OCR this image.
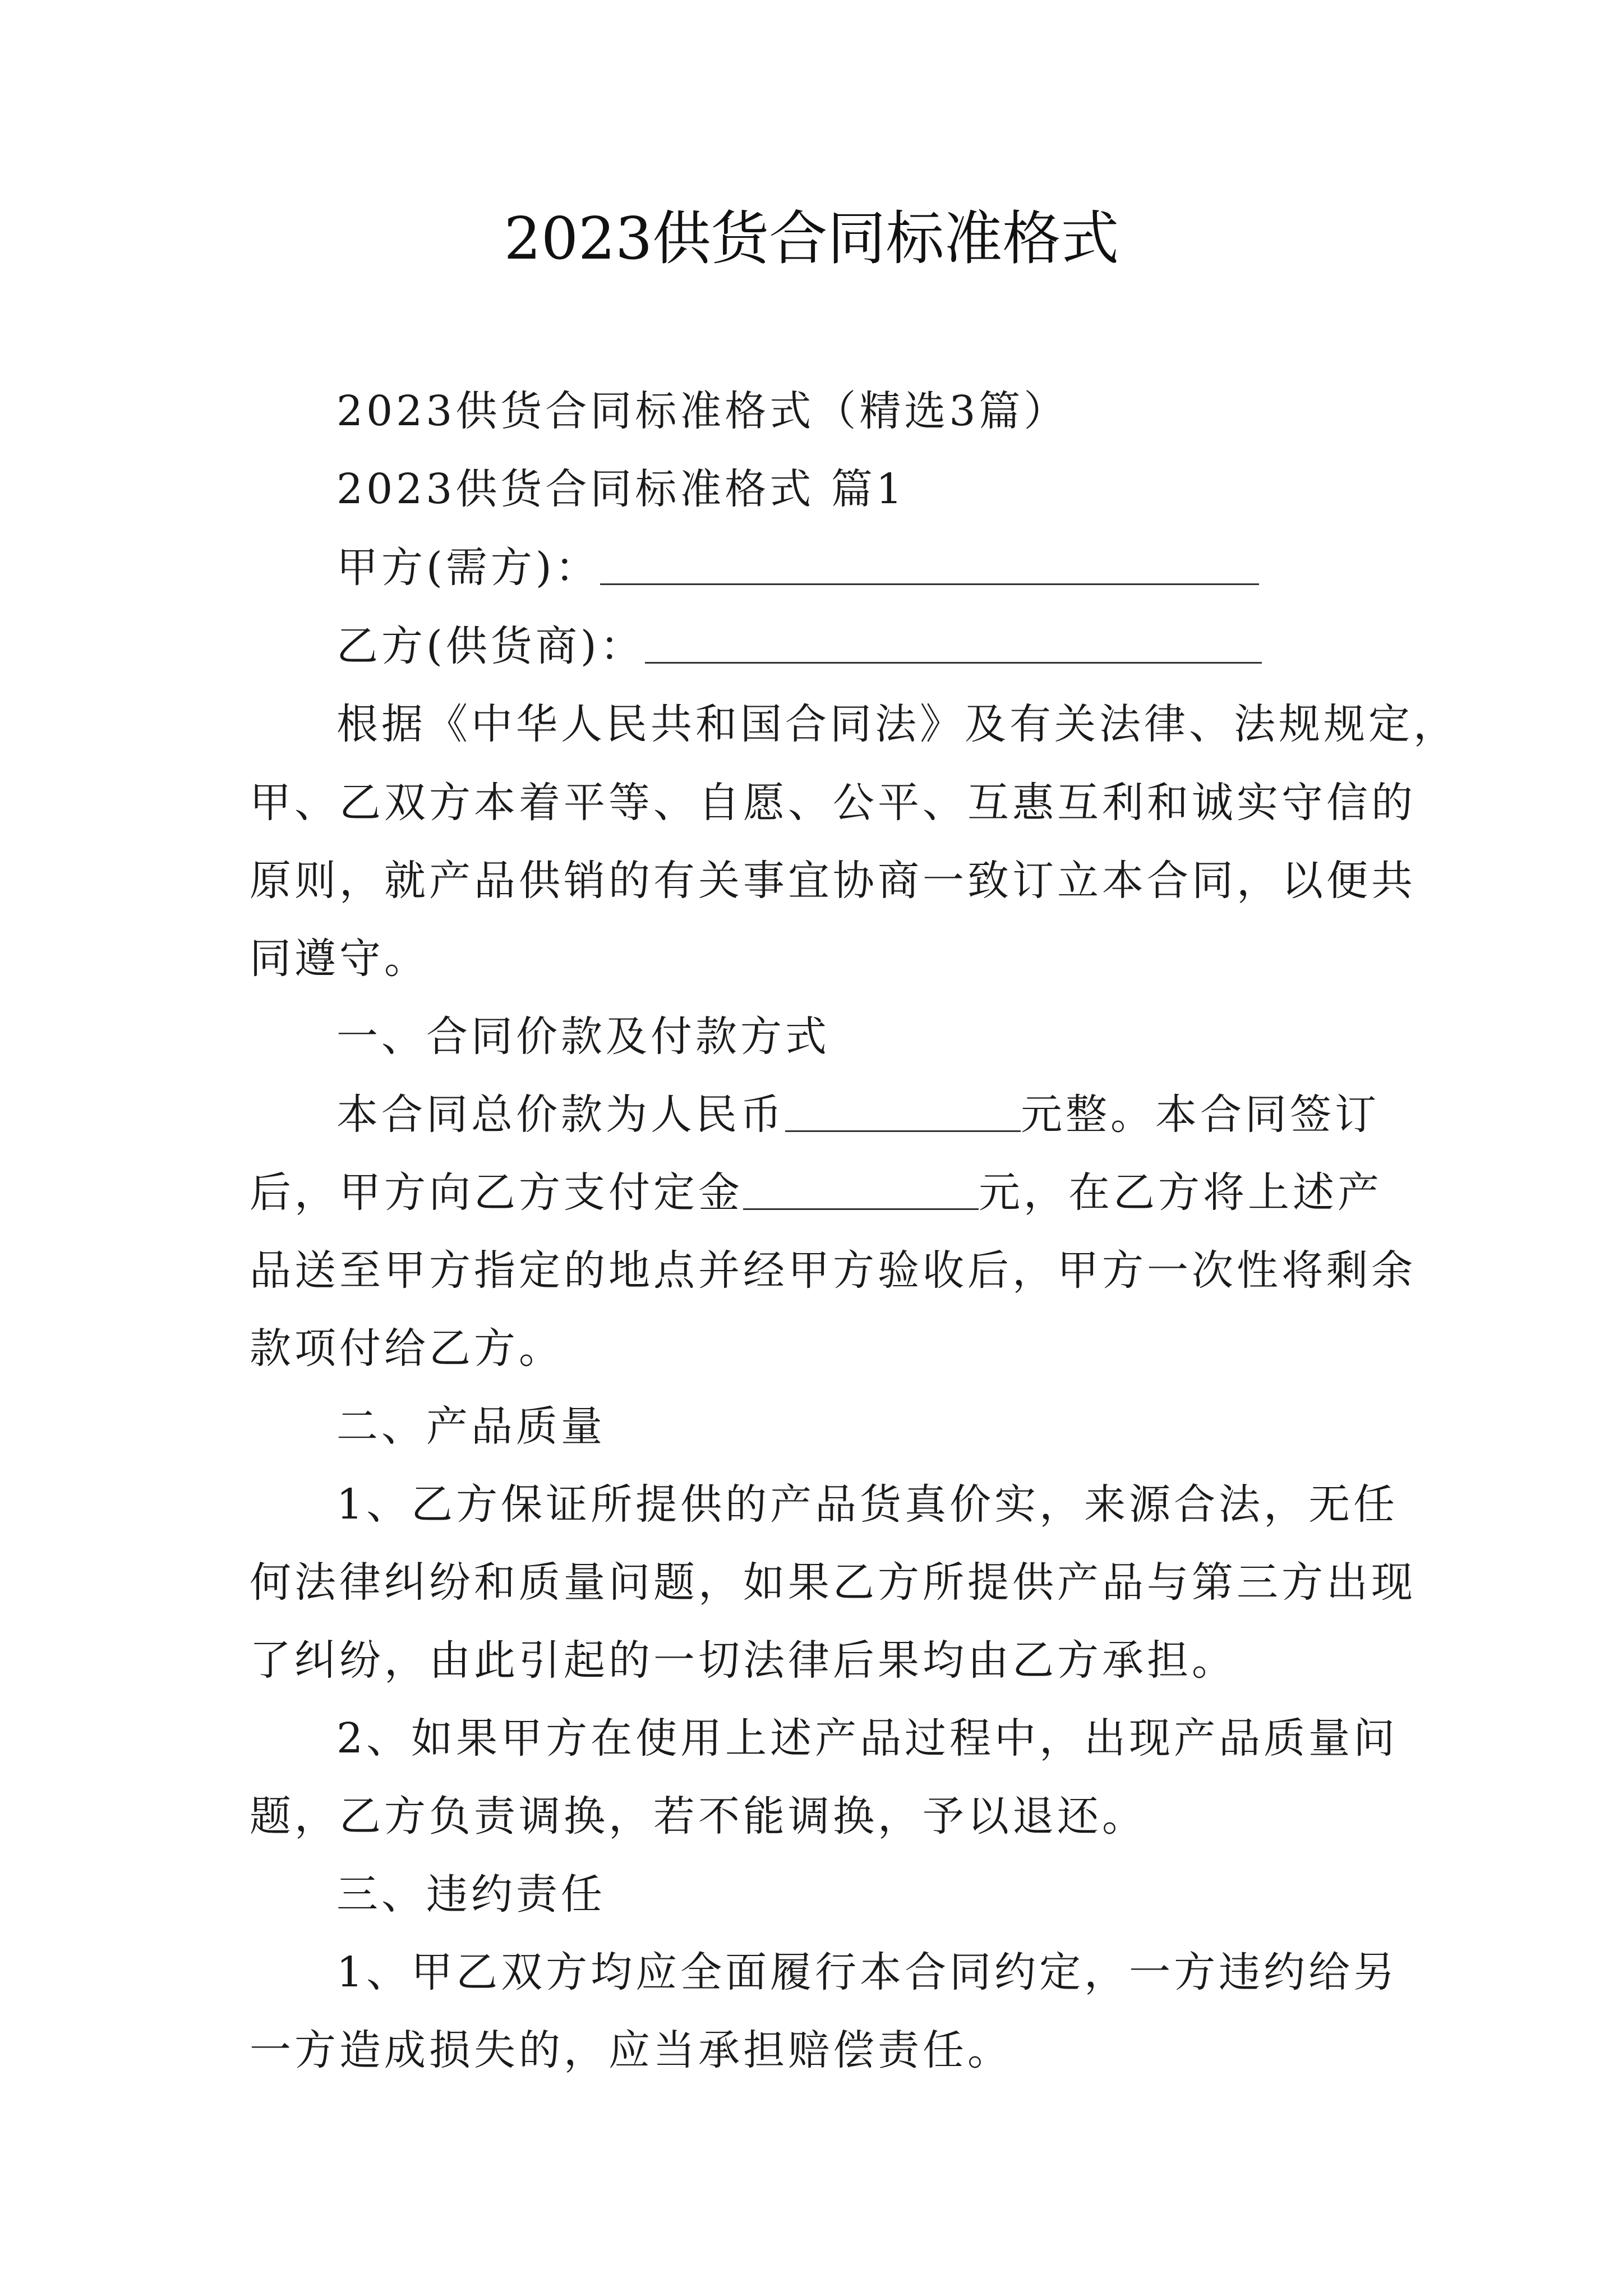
2023供货合同标准格式
2023供货合同标准格式（精选3篇）
2023供货合同标准格式 篇1
甲方(需方)：
乙方(供货商)：
根据《中华人民共和国合同法》及有关法律、法规规定，
甲、乙双方本着平等、自愿、公平、互惠互利和诚实守信的
原则，就产品供销的有关事宜协商一致订立本合同，以便共
同遵守。
一、合同价款及付款方式
本合同总价款为人民币	元整。本合同签订
后，甲方向乙方支付定金	元，在乙方将上述产
品送至甲方指定的地点并经甲方验收后，甲方一次性将剩余
款项付给乙方。
二、产品质量
1、乙方保证所提供的产品货真价实，来源合法，无任
何法律纠纷和质量问题，如果乙方所提供产品与第三方出现
了纠纷，由此引起的一切法律后果均由乙方承担。
2、如果甲方在使用上述产品过程中，出现产品质量问
题，乙方负责调换，若不能调换，予以退还。
三、违约责任
1、甲乙双方均应全面履行本合同约定，一方违约给另
一方造成损失的，应当承担赔偿责任。
